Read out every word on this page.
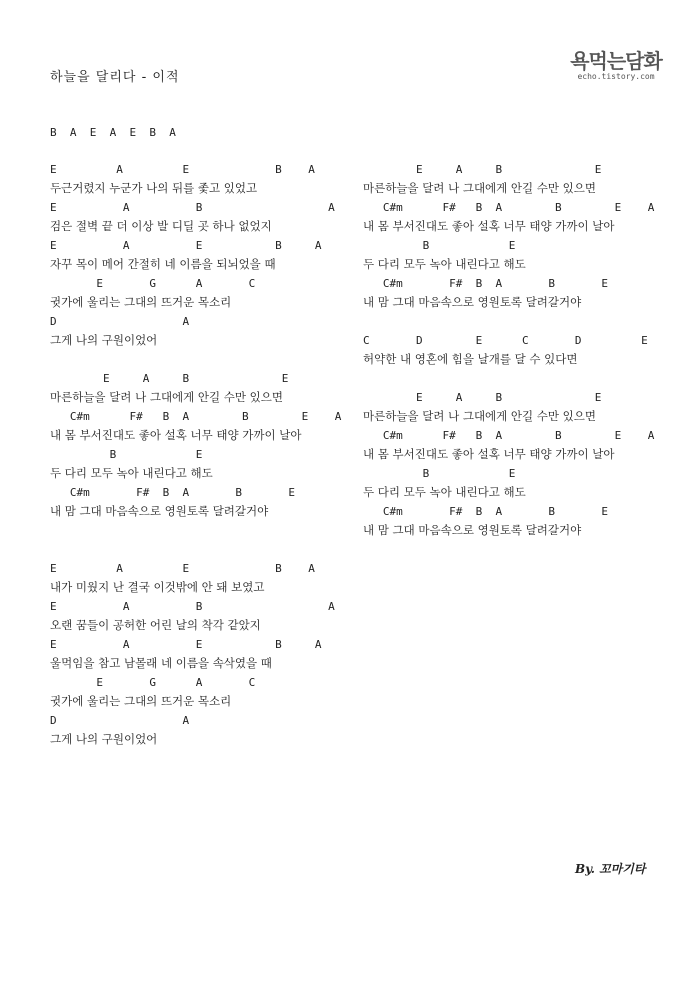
하늘을 달리다 - 이적
욕먹는담화
echo.tistory.com
B  A  E  A  E  B  A
E         A         E             B    A
두근거렸지 누군가 나의 뒤를 좇고 있었고
E          A          B                   A
검은 절벽 끝 더 이상 발 디딜 곳 하나 없었지
E          A          E           B     A
자꾸 목이 메어 간절히 네 이름을 되뇌었을 때
E       G      A       C
귓가에 울리는 그대의 뜨거운 목소리
D                   A
그게 나의 구원이었어
E     A     B              E
마른하늘을 달려 나 그대에게 안길 수만 있으면
C#m      F#   B  A        B        E    A
내 몸 부서진대도 좋아 설혹 너무 태양 가까이 날아
B            E
두 다리 모두 녹아 내린다고 해도
C#m       F#  B  A       B       E
내 맘 그대 마음속으로 영원토록 달려갈거야
E         A         E             B    A
내가 미웠지 난 결국 이것밖에 안 돼 보였고
E          A          B                   A
오랜 꿈들이 공허한 어린 날의 착각 같았지
E          A          E           B     A
울먹임을 참고 남몰래 네 이름을 속삭였을 때
E       G      A       C
귓가에 울리는 그대의 뜨거운 목소리
D                   A
그게 나의 구원이었어
E     A     B              E
마른하늘을 달려 나 그대에게 안길 수만 있으면
C#m      F#   B  A        B        E    A
내 몸 부서진대도 좋아 설혹 너무 태양 가까이 날아
B            E
두 다리 모두 녹아 내린다고 해도
C#m       F#  B  A       B       E
내 맘 그대 마음속으로 영원토록 달려갈거야
C       D        E      C       D         E
허약한 내 영혼에 힘을 날개를 달 수 있다면
E     A     B              E
마른하늘을 달려 나 그대에게 안길 수만 있으면
C#m      F#   B  A        B        E    A
내 몸 부서진대도 좋아 설혹 너무 태양 가까이 날아
B            E
두 다리 모두 녹아 내린다고 해도
C#m       F#  B  A       B       E
내 맘 그대 마음속으로 영원토록 달려갈거야
By. 꼬마기타
